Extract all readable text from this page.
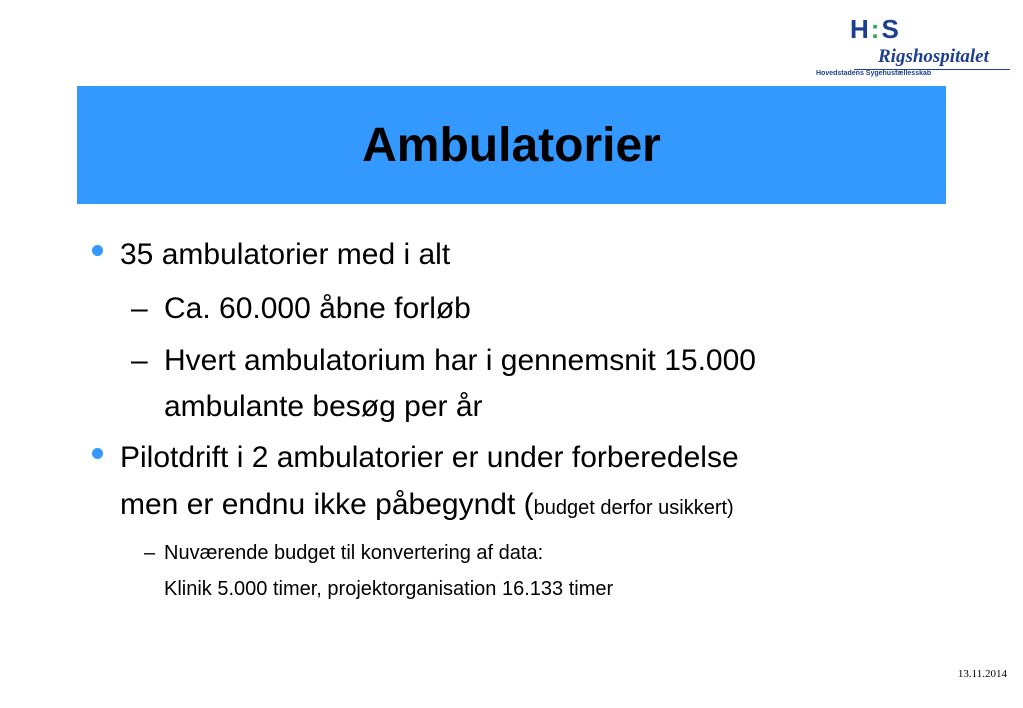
H:S
Rigshospitalet
Hovedstadens Sygehusfællesskab
Ambulatorier
35 ambulatorier med i alt
– Ca. 60.000 åbne forløb
– Hvert ambulatorium har i gennemsnit 15.000
ambulante besøg per år
Pilotdrift i 2 ambulatorier er under forberedelse
men er endnu ikke påbegyndt (budget derfor usikkert)
– Nuværende budget til konvertering af data:
Klinik 5.000 timer, projektorganisation 16.133 timer
13.11.2014
